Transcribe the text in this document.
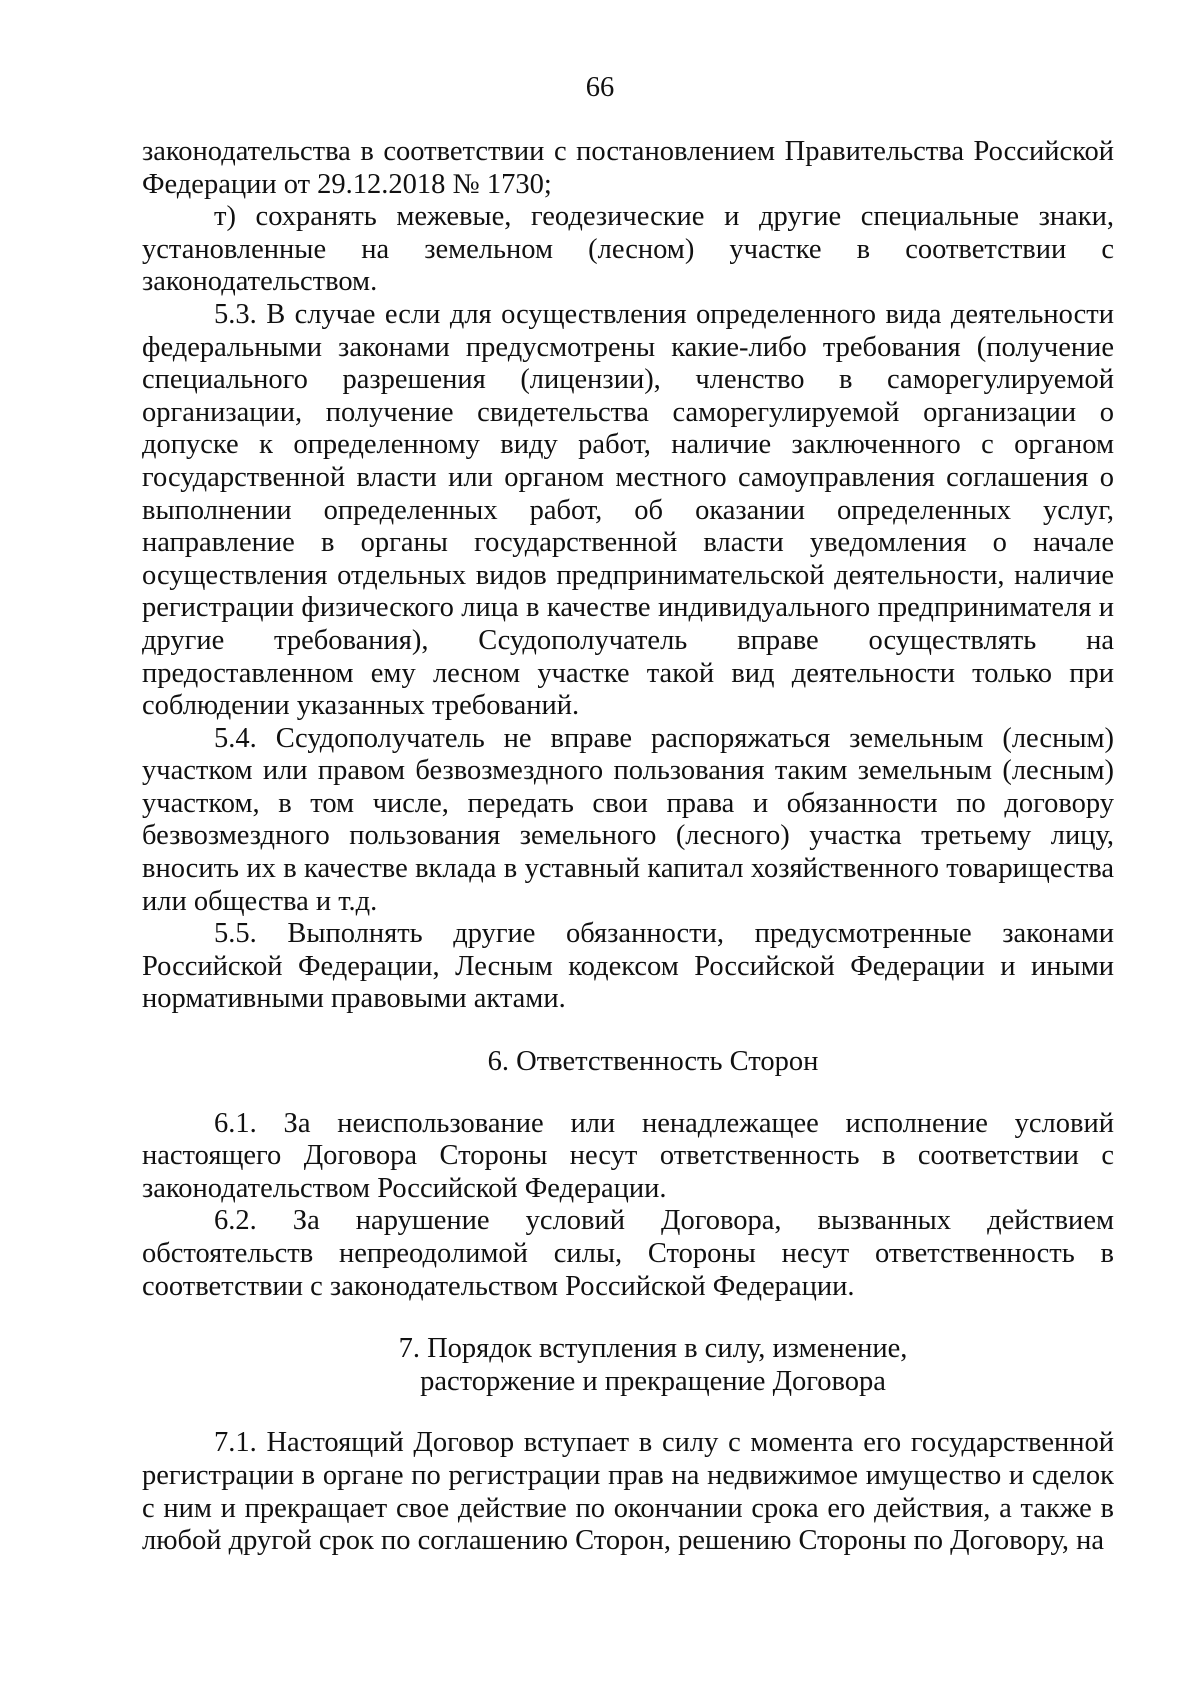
66

законодательства в соответствии с постановлением Правительства Российской Федерации от 29.12.2018 № 1730;

т) сохранять межевые, геодезические и другие специальные знаки, установленные на земельном (лесном) участке в соответствии с законодательством.

5.3. В случае если для осуществления определенного вида деятельности федеральными законами предусмотрены какие-либо требования (получение специального разрешения (лицензии), членство в саморегулируемой организации, получение свидетельства саморегулируемой организации о допуске к определенному виду работ, наличие заключенного с органом государственной власти или органом местного самоуправления соглашения о выполнении определенных работ, об оказании определенных услуг, направление в органы государственной власти уведомления о начале осуществления отдельных видов предпринимательской деятельности, наличие регистрации физического лица в качестве индивидуального предпринимателя и другие требования), Ссудополучатель вправе осуществлять на предоставленном ему лесном участке такой вид деятельности только при соблюдении указанных требований.

5.4. Ссудополучатель не вправе распоряжаться земельным (лесным) участком или правом безвозмездного пользования таким земельным (лесным) участком, в том числе, передать свои права и обязанности по договору безвозмездного пользования земельного (лесного) участка третьему лицу, вносить их в качестве вклада в уставный капитал хозяйственного товарищества или общества и т.д.

5.5. Выполнять другие обязанности, предусмотренные законами Российской Федерации, Лесным кодексом Российской Федерации и иными нормативными правовыми актами.

6. Ответственность Сторон

6.1. За неиспользование или ненадлежащее исполнение условий настоящего Договора Стороны несут ответственность в соответствии с законодательством Российской Федерации.

6.2. За нарушение условий Договора, вызванных действием обстоятельств непреодолимой силы, Стороны несут ответственность в соответствии с законодательством Российской Федерации.

7. Порядок вступления в силу, изменение,
расторжение и прекращение Договора

7.1. Настоящий Договор вступает в силу с момента его государственной регистрации в органе по регистрации прав на недвижимое имущество и сделок с ним и прекращает свое действие по окончании срока его действия, а также в любой другой срок по соглашению Сторон, решению Стороны по Договору, на
